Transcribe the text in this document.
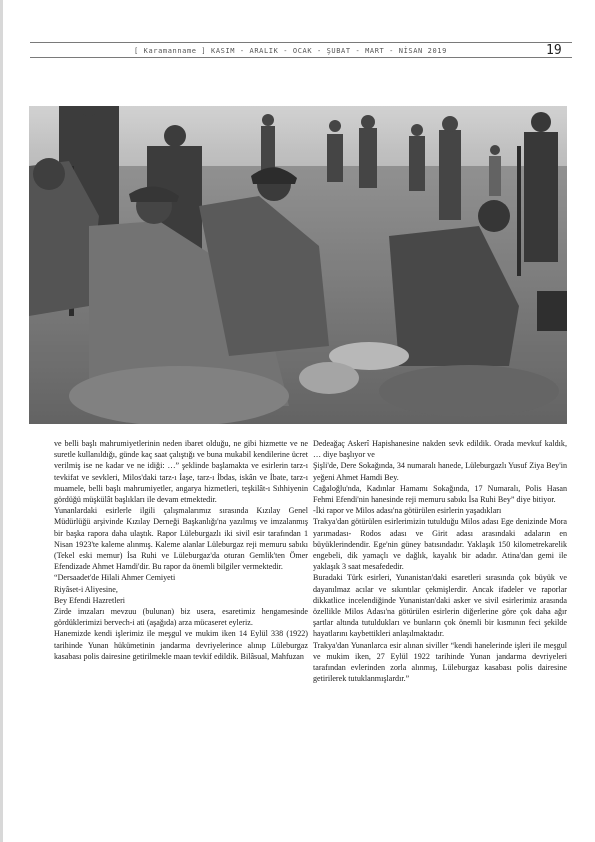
[ Karamanname ] KASIM - ARALIK - OCAK - ŞUBAT - MART - NİSAN 2019	19

ve belli başlı mahrumiyetlerinin neden ibaret olduğu, ne gibi hizmette ve ne suretle kullanıldığı, günde kaç saat çalıştığı ve buna mukabil kendilerine ücret verilmiş ise ne kadar ve ne idiği: …” şeklinde başlamakta ve esirlerin tarz-ı tevkifat ve sevkleri, Milos'daki tarz-ı İaşe, tarz-ı İbdas, iskân ve İbate, tarz-ı muamele, belli başlı mahrumiyetler, angarya hizmetleri, teşkilât-ı Sıhhiyenin gördüğü müşkülât başlıkları ile devam etmektedir.

Yunanlardaki esirlerle ilgili çalışmalarımız sırasında Kızılay Genel Müdürlüğü arşivinde Kızılay Derneği Başkanlığı'na yazılmış ve imzalanmış bir başka rapora daha ulaştık. Rapor Lüleburgazlı iki sivil esir tarafından 1 Nisan 1923'te kaleme alınmış. Kaleme alanlar Lüleburgaz reji memuru sabıkı (Tekel eski memur) İsa Ruhi ve Lüleburgaz'da oturan Gemlik'ten Ömer Efendizade Ahmet Hamdi'dir. Bu rapor da önemli bilgiler vermektedir.

“Dersaadet'de Hilali Ahmer Cemiyeti

Riyâset-i Aliyesine,

Bey Efendi Hazretleri

Zirde imzaları mevzuu (bulunan) biz usera, esaretimiz hengamesinde gördüklerimizi bervech-i ati (aşağıda) arza mücaseret eyleriz.

Hanemizde kendi işlerimiz ile meşgul ve mukim iken 14 Eylül 338 (1922) tarihinde Yunan hükümetinin jandarma devriyelerince alınıp Lüleburgaz kasabası polis dairesine getirilmekle maan tevkif edildik. Bilâsual, Mahfuzan

Dedeağaç Askerî Hapishanesine nakden sevk edildik. Orada mevkuf kaldık, … diye başlıyor ve

Şişli'de, Dere Sokağında, 34 numaralı hanede, Lüleburgazlı Yusuf Ziya Bey'in yeğeni Ahmet Hamdi Bey.

Cağaloğlu'nda, Kadınlar Hamamı Sokağında, 17 Numaralı, Polis Hasan Fehmi Efendi'nin hanesinde reji memuru sabıkı İsa Ruhi Bey” diye bitiyor.

-İki rapor ve Milos adası'na götürülen esirlerin yaşadıkları

Trakya'dan götürülen esirlerimizin tutulduğu Milos adası Ege denizinde Mora yarımadası- Rodos adası ve Girit adası arasındaki adaların en büyüklerindendir. Ege'nin güney batısındadır. Yaklaşık 150 kilometrekarelik engebeli, dik yamaçlı ve dağlık, kayalık bir adadır. Atina'dan gemi ile yaklaşık 3 saat mesafededir.

Buradaki Türk esirleri, Yunanistan'daki esaretleri sırasında çok büyük ve dayanılmaz acılar ve sıkıntılar çekmişlerdir. Ancak ifadeler ve raporlar dikkatlice incelendiğinde Yunanistan'daki asker ve sivil esirlerimiz arasında özellikle Milos Adası'na götürülen esirlerin diğerlerine göre çok daha ağır şartlar altında tutuldukları ve bunların çok önemli bir kısmının feci şekilde hayatlarını kaybettikleri anlaşılmaktadır.

Trakya'dan Yunanlarca esir alınan siviller “kendi hanelerinde işleri ile meşgul ve mukim iken, 27 Eylül 1922 tarihinde Yunan jandarma devriyeleri tarafından evlerinden zorla alınmış, Lüleburgaz kasabası polis dairesine getirilerek tutuklanmışlardır.”
